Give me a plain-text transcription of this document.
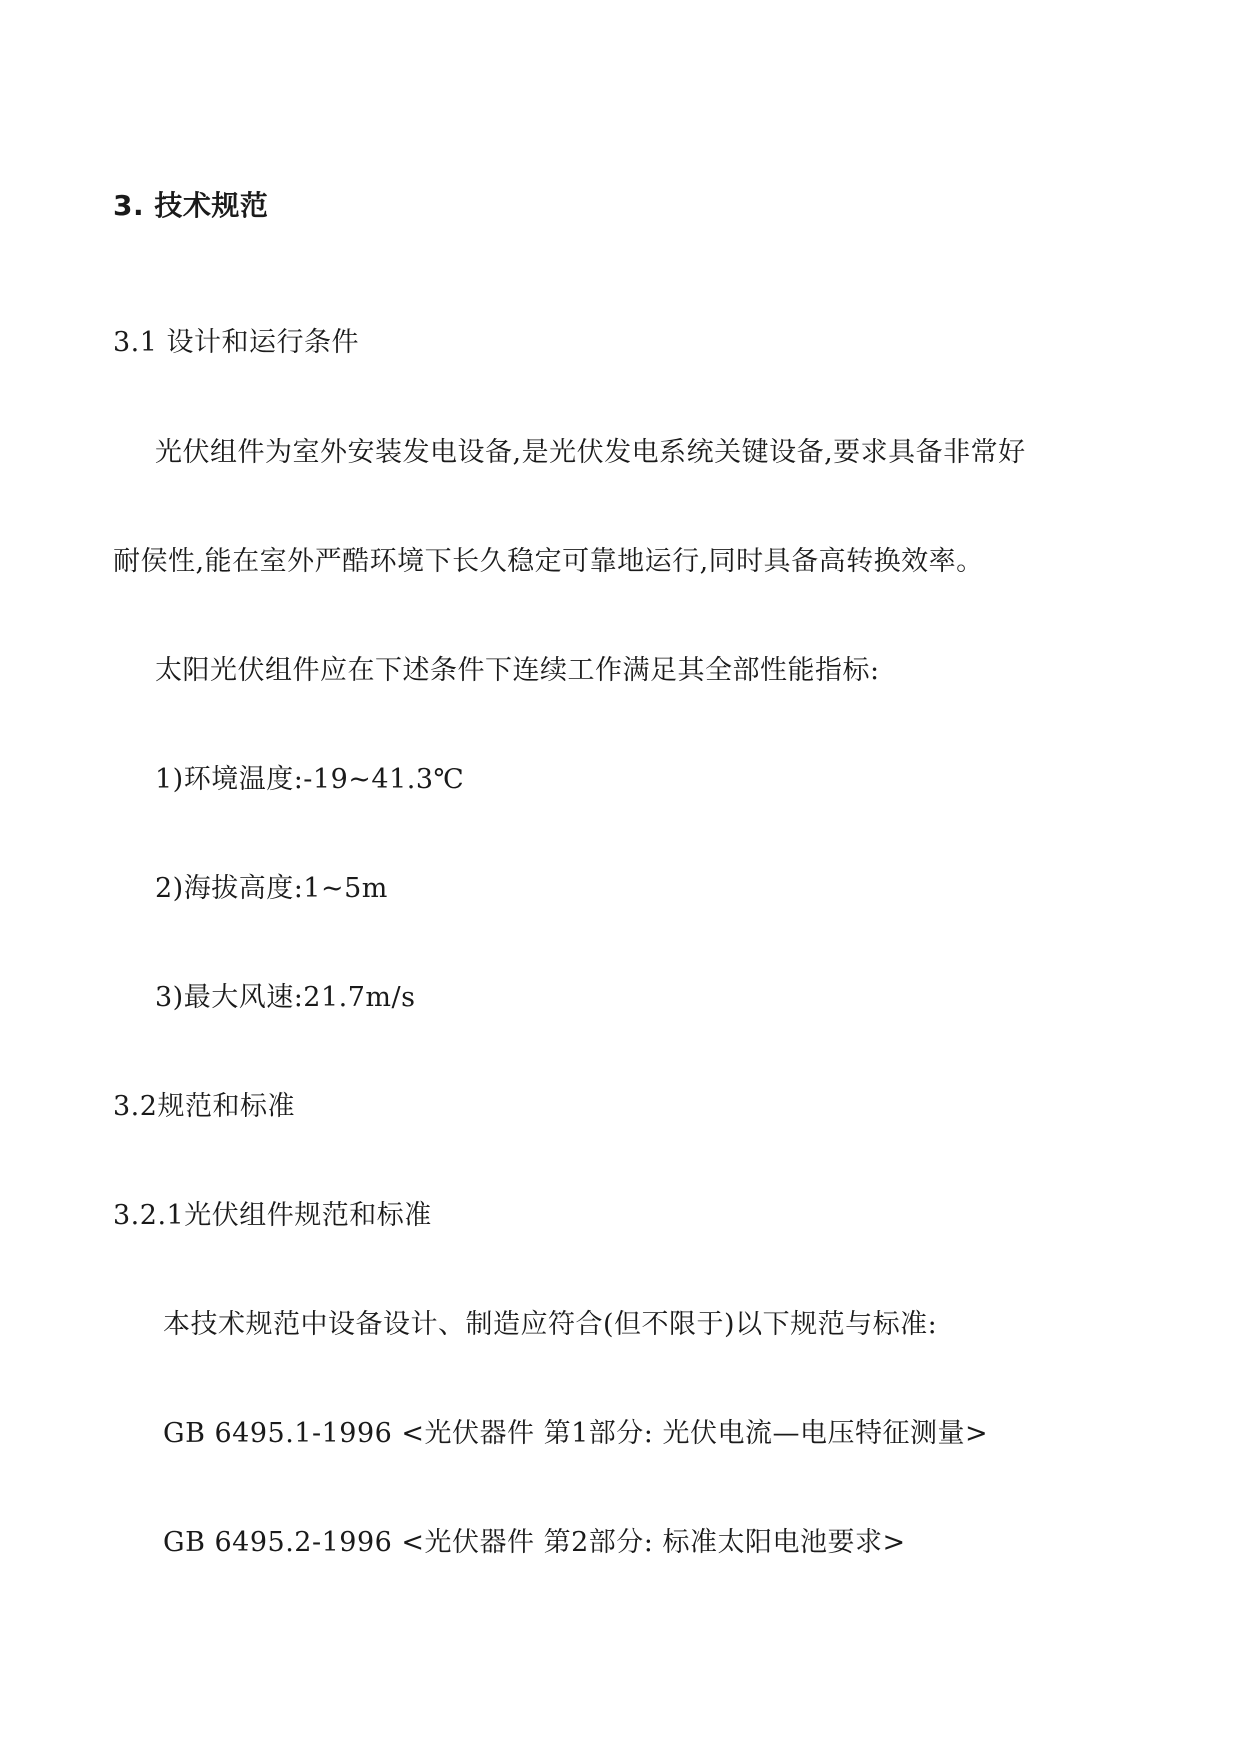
3. 技术规范
3.1 设计和运行条件
光伏组件为室外安装发电设备,是光伏发电系统关键设备,要求具备非常好
耐侯性,能在室外严酷环境下长久稳定可靠地运行,同时具备高转换效率。
太阳光伏组件应在下述条件下连续工作满足其全部性能指标:
1)环境温度:-19~41.3℃
2)海拔高度:1~5m
3)最大风速:21.7m/s
3.2规范和标准
3.2.1光伏组件规范和标准
本技术规范中设备设计、制造应符合(但不限于)以下规范与标准:
GB 6495.1-1996 <光伏器件 第1部分: 光伏电流—电压特征测量>
GB 6495.2-1996 <光伏器件 第2部分: 标准太阳电池要求>
